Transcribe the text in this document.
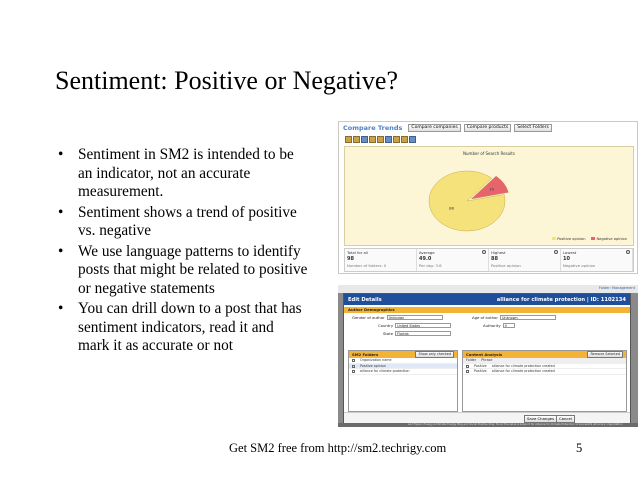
Sentiment: Positive or Negative?
• Sentiment in SM2 is intended to be an indicator, not an accurate measurement.
• Sentiment shows a trend of positive vs. negative
• We use language patterns to identify posts that might be related to positive or negative statements
• You can drill down to a post that has sentiment indicators, read it and mark it as accurate or not
Get SM2 free from http://sm2.techrigy.com	5
Compare Trends	Compare companies	Compare products	Select Folders
Number of Search Results
88
10
Positive opinion	Negative opinion
Total for all
98
Number of folders: 0
Average
49.0
Per day: 3.6
Highest
88
Positive opinion
Lowest
10
Negative opinion
Folder: Management
Edit Details	alliance for climate protection | ID: 1102134
Author Demographics
Gender of author	Unknown
Country	United States
State	Florida
Age of author	Unknown
Authority	0
SM2 Folders	Show only checked
Organization name
Positive opinion
alliance for climate protection
Content Analysis	Remove Selected
Folder Phrase
Positive alliance for climate protection created
Positive alliance for climate protection created
Save Changes	Cancel
and Tipper, Energy & Climate Energy Blog and Social Positive blog: found the value is support for Alliance for Climate Protection: A successful advocacy organization
